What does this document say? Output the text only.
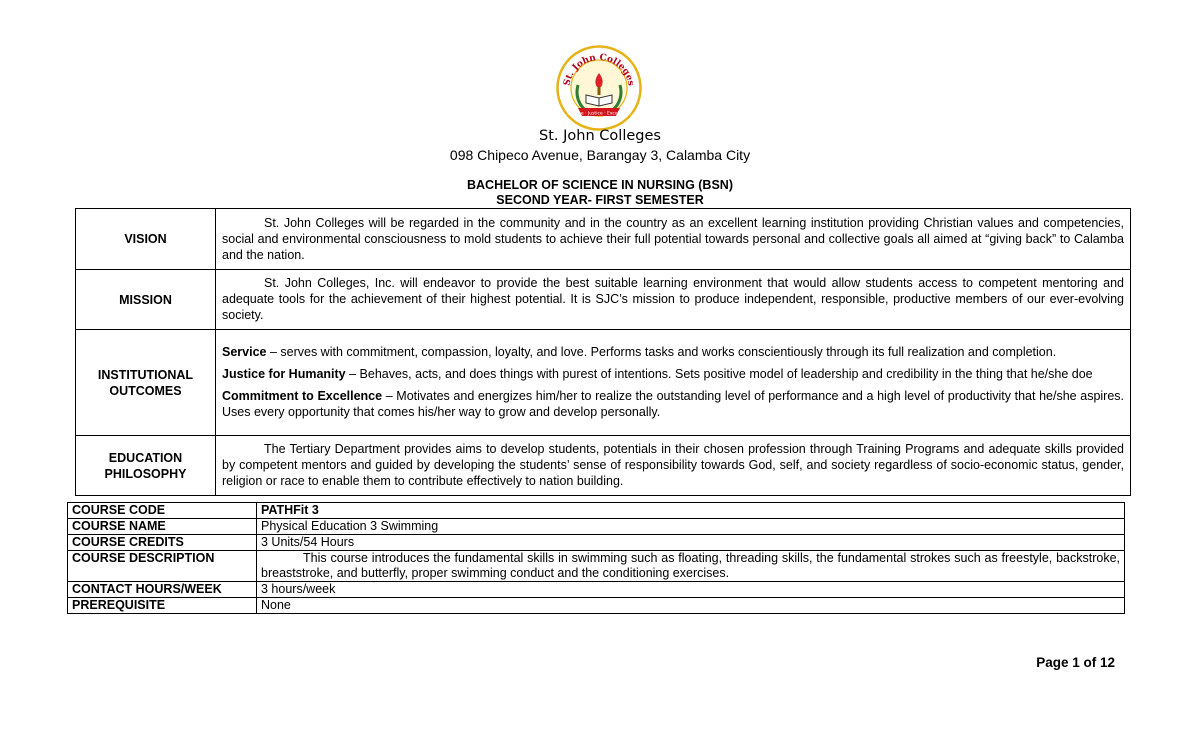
St. John Colleges
Service · Justice · Excellence
St. John Colleges
098 Chipeco Avenue, Barangay 3, Calamba City
BACHELOR OF SCIENCE IN NURSING (BSN)
SECOND YEAR- FIRST SEMESTER
VISION	St. John Colleges will be regarded in the community and in the country as an excellent learning institution providing Christian values and competencies, social and environmental consciousness to mold students to achieve their full potential towards personal and collective goals all aimed at “giving back” to Calamba and the nation.
MISSION	St. John Colleges, Inc. will endeavor to provide the best suitable learning environment that would allow students access to competent mentoring and adequate tools for the achievement of their highest potential. It is SJC’s mission to produce independent, responsible, productive members of our ever-evolving society.
INSTITUTIONAL OUTCOMES	Service – serves with commitment, compassion, loyalty, and love. Performs tasks and works conscientiously through its full realization and completion.

Justice for Humanity – Behaves, acts, and does things with purest of intentions. Sets positive model of leadership and credibility in the thing that he/she doe

Commitment to Excellence – Motivates and energizes him/her to realize the outstanding level of performance and a high level of productivity that he/she aspires. Uses every opportunity that comes his/her way to grow and develop personally.

EDUCATION PHILOSOPHY	The Tertiary Department provides aims to develop students, potentials in their chosen profession through Training Programs and adequate skills provided by competent mentors and guided by developing the students’ sense of responsibility towards God, self, and society regardless of socio-economic status, gender, religion or race to enable them to contribute effectively to nation building.
COURSE CODE	PATHFit 3
COURSE NAME	Physical Education 3 Swimming
COURSE CREDITS	3 Units/54 Hours
COURSE DESCRIPTION	This course introduces the fundamental skills in swimming such as floating, threading skills, the fundamental strokes such as freestyle, backstroke, breaststroke, and butterfly, proper swimming conduct and the conditioning exercises.
CONTACT HOURS/WEEK	3 hours/week
PREREQUISITE	None
Page 1 of 12
